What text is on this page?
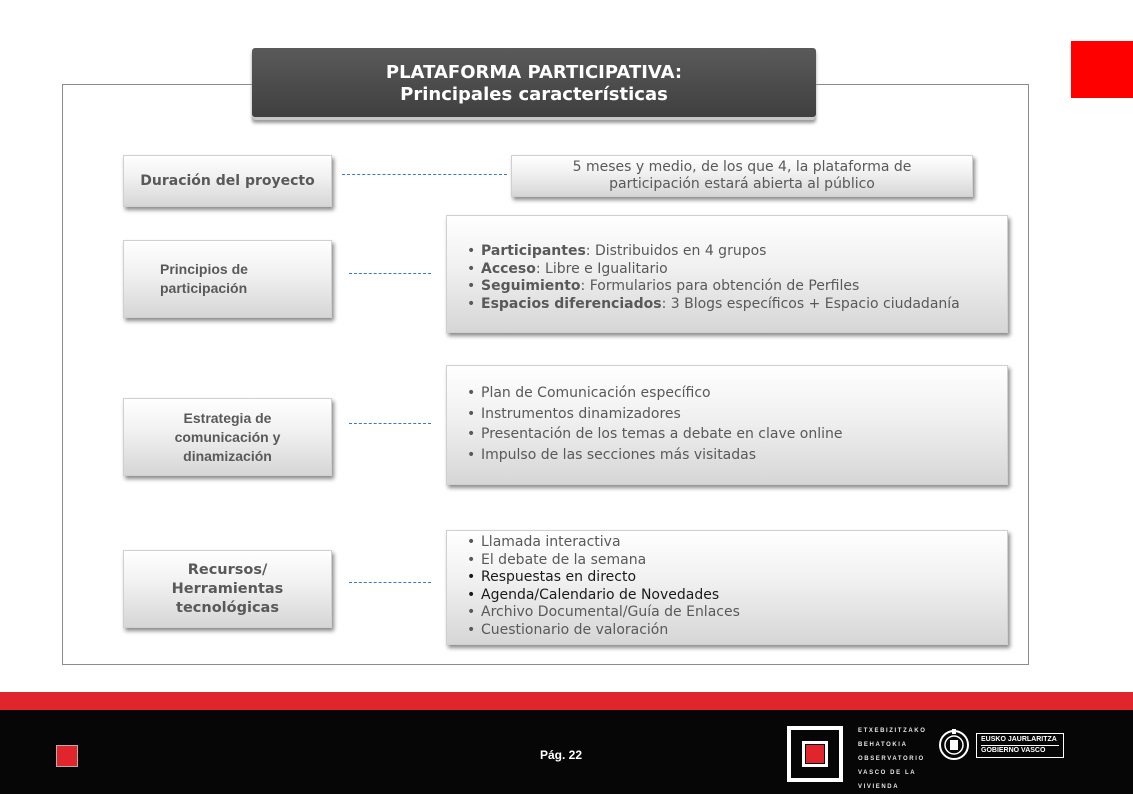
PLATAFORMA PARTICIPATIVA:
Principales características
Duración del proyecto
5 meses y medio, de los que 4, la plataforma de participación estará abierta al público
Principios de participación
• Participantes: Distribuidos en 4 grupos
• Acceso: Libre e Igualitario
• Seguimiento: Formularios para obtención de Perfiles
• Espacios diferenciados: 3 Blogs específicos + Espacio ciudadanía
Estrategia de comunicación y dinamización
• Plan de Comunicación específico
• Instrumentos dinamizadores
• Presentación de los temas a debate en clave online
• Impulso de las secciones más visitadas
Recursos/ Herramientas tecnológicas
• Llamada interactiva
• El debate de la semana
• Respuestas en directo
• Agenda/Calendario de Novedades
• Archivo Documental/Guía de Enlaces
• Cuestionario de valoración
Pág. 22
ETXEBIZITZAKO
BEHATOKIA
OBSERVATORIO
VASCO DE LA
VIVIENDA
EUSKO JAURLARITZA
GOBIERNO VASCO
